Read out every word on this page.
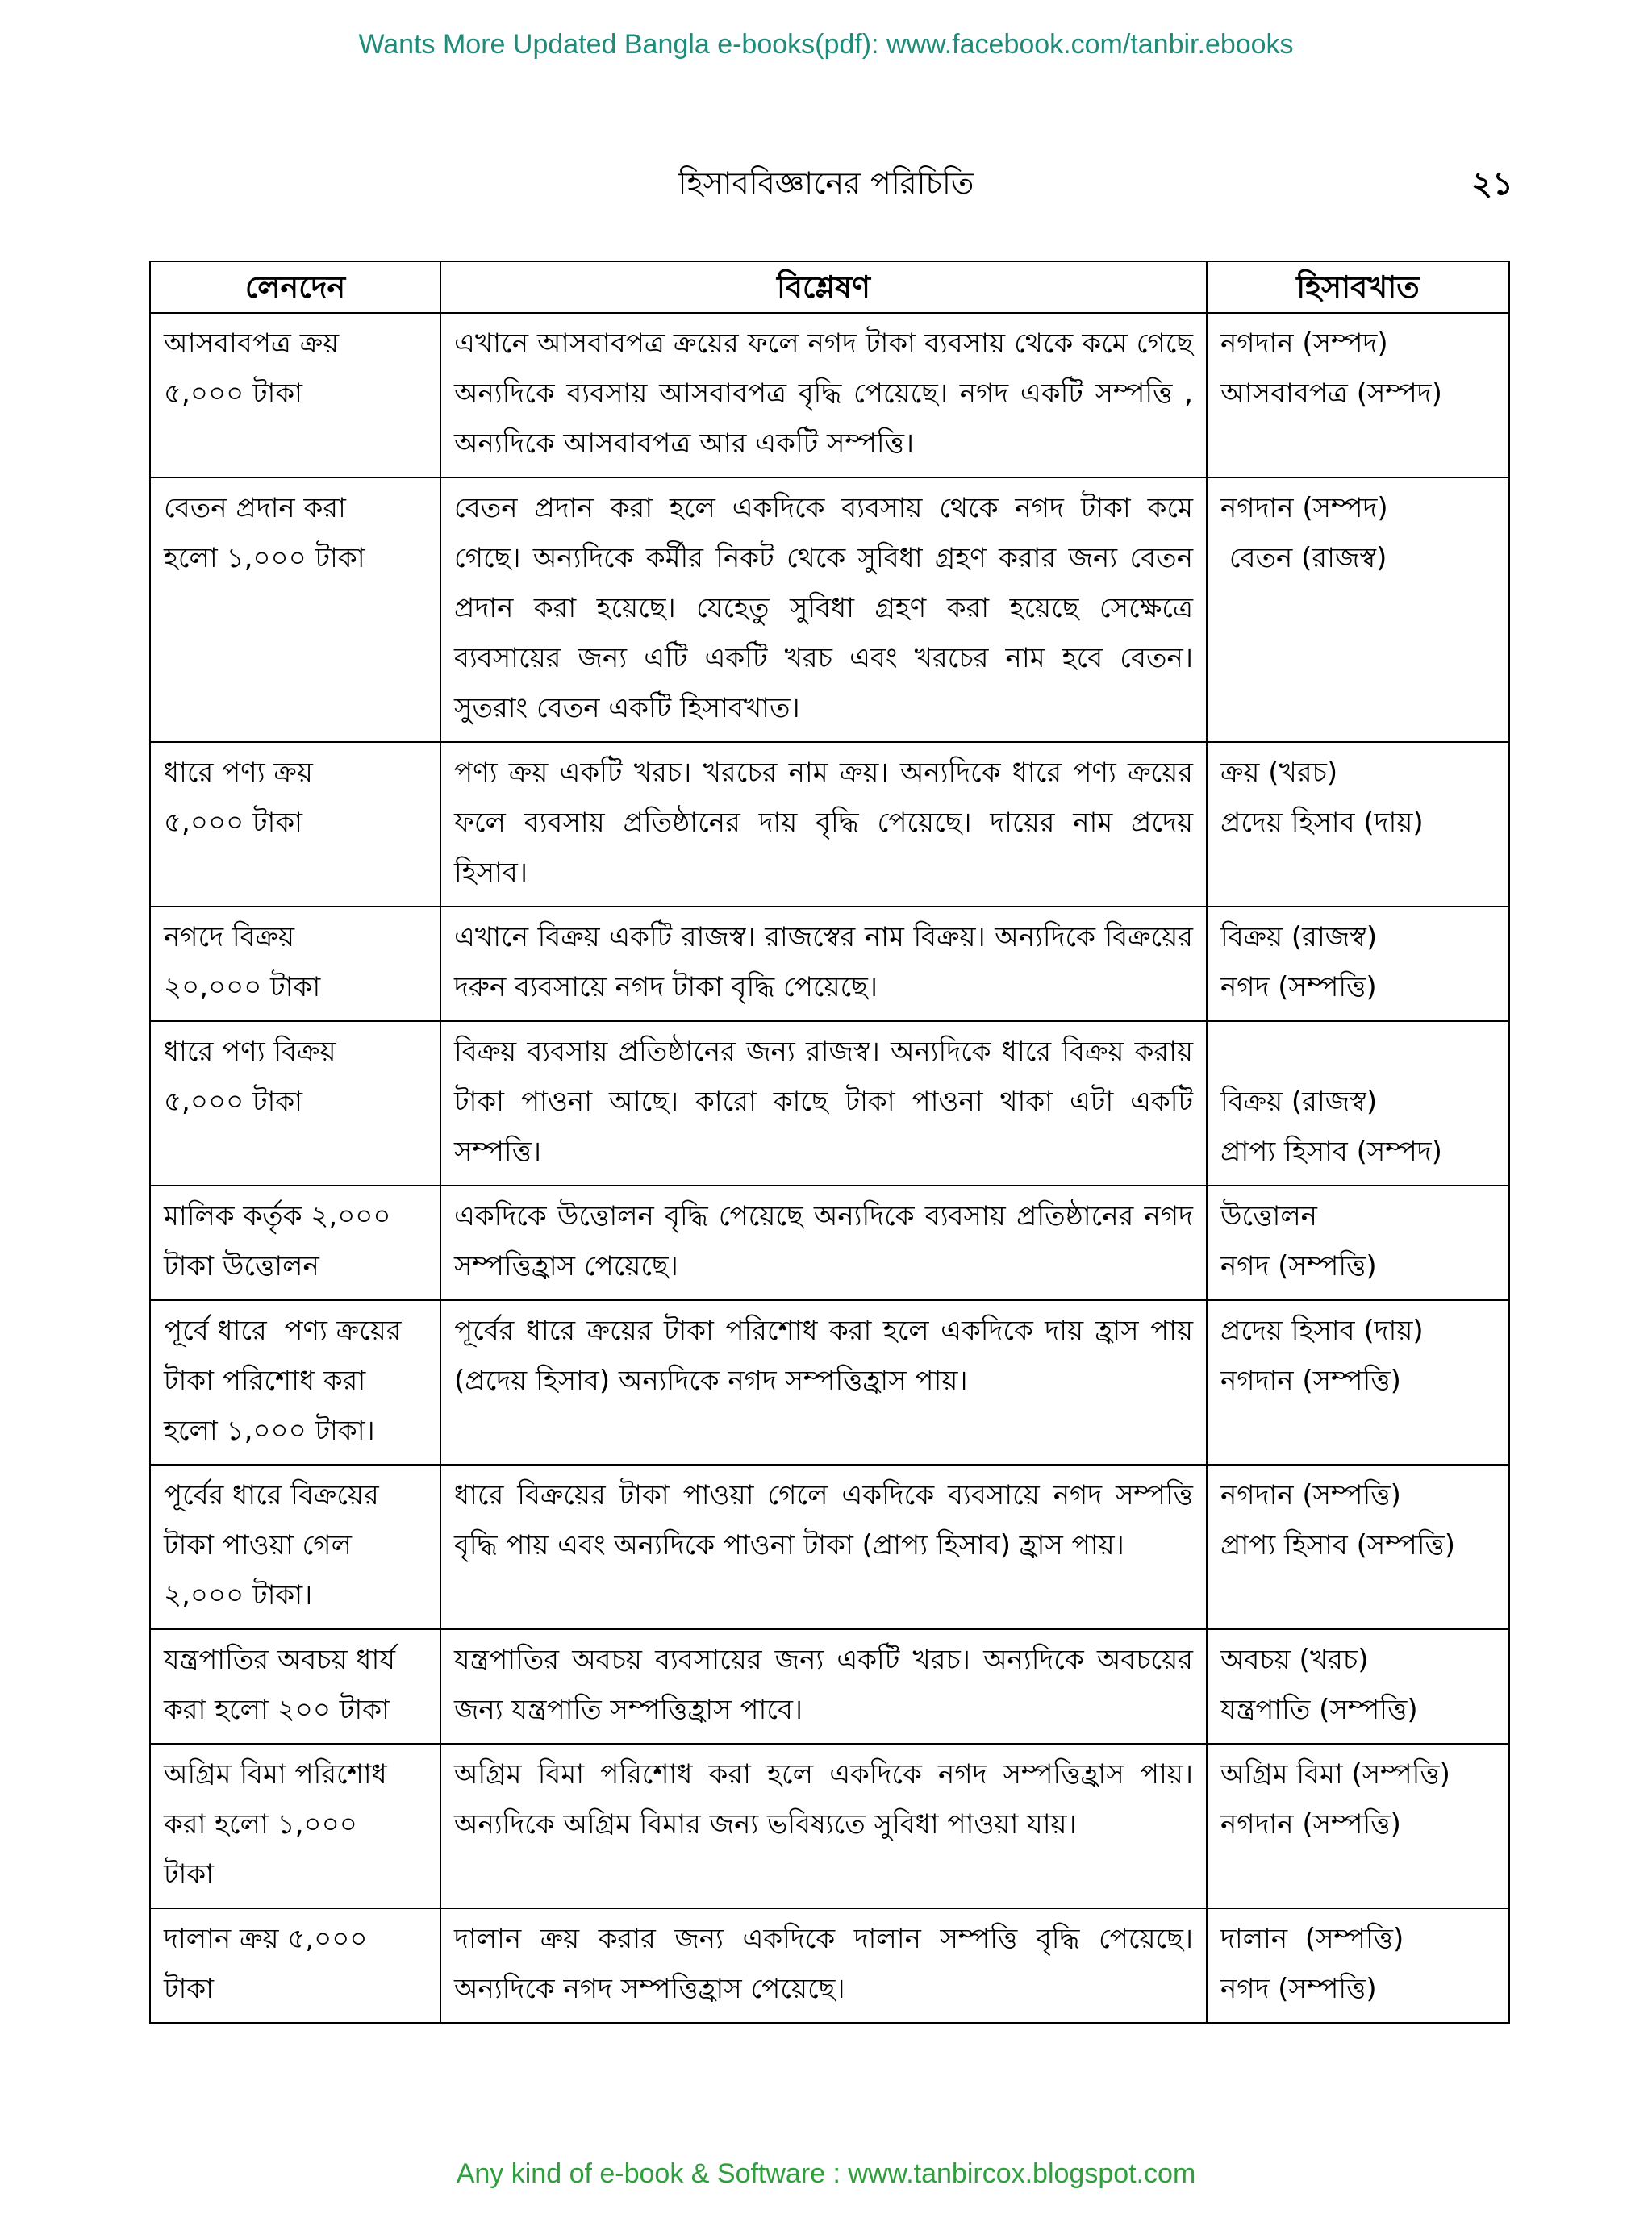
Wants More Updated Bangla e-books(pdf): www.facebook.com/tanbir.ebooks
হিসাববিজ্ঞানের পরিচিতি	২১
লেনদেন	বিশ্লেষণ	হিসাবখাত

আসবাবপত্র ক্রয়
৫,০০০ টাকা	এখানে আসবাবপত্র ক্রয়ের ফলে নগদ টাকা ব্যবসায় থেকে কমে গেছে অন্যদিকে ব্যবসায় আসবাবপত্র বৃদ্ধি পেয়েছে। নগদ একটি সম্পত্তি , অন্যদিকে আসবাবপত্র আর একটি সম্পত্তি।	নগদান (সম্পদ)
আসবাবপত্র (সম্পদ)

বেতন প্রদান করা
হলো ১,০০০ টাকা	বেতন প্রদান করা হলে একদিকে ব্যবসায় থেকে নগদ টাকা কমে গেছে। অন্যদিকে কর্মীর নিকট থেকে সুবিধা গ্রহণ করার জন্য বেতন প্রদান করা হয়েছে। যেহেতু সুবিধা গ্রহণ করা হয়েছে সেক্ষেত্রে ব্যবসায়ের জন্য এটি একটি খরচ এবং খরচের নাম হবে বেতন। সুতরাং বেতন একটি হিসাবখাত।	নগদান (সম্পদ)
বেতন (রাজস্ব)

ধারে পণ্য ক্রয়
৫,০০০ টাকা	পণ্য ক্রয় একটি খরচ। খরচের নাম ক্রয়। অন্যদিকে ধারে পণ্য ক্রয়ের ফলে ব্যবসায় প্রতিষ্ঠানের দায় বৃদ্ধি পেয়েছে। দায়ের নাম প্রদেয় হিসাব।	ক্রয় (খরচ)
প্রদেয় হিসাব (দায়)

নগদে বিক্রয়
২০,০০০ টাকা	এখানে বিক্রয় একটি রাজস্ব। রাজস্বের নাম বিক্রয়। অন্যদিকে বিক্রয়ের দরুন ব্যবসায়ে নগদ টাকা বৃদ্ধি পেয়েছে।	বিক্রয় (রাজস্ব)
নগদ (সম্পত্তি)

ধারে পণ্য বিক্রয়
৫,০০০ টাকা	বিক্রয় ব্যবসায় প্রতিষ্ঠানের জন্য রাজস্ব। অন্যদিকে ধারে বিক্রয় করায় টাকা পাওনা আছে। কারো কাছে টাকা পাওনা থাকা এটা একটি সম্পত্তি।	বিক্রয় (রাজস্ব)
প্রাপ্য হিসাব (সম্পদ)

মালিক কর্তৃক ২,০০০
টাকা উত্তোলন	একদিকে উত্তোলন বৃদ্ধি পেয়েছে অন্যদিকে ব্যবসায় প্রতিষ্ঠানের নগদ সম্পত্তিহ্রাস পেয়েছে।	উত্তোলন
নগদ (সম্পত্তি)

পূর্বে ধারে  পণ্য ক্রয়ের
টাকা পরিশোধ করা
হলো ১,০০০ টাকা।	পূর্বের ধারে ক্রয়ের টাকা পরিশোধ করা হলে একদিকে দায় হ্রাস পায় (প্রদেয় হিসাব) অন্যদিকে নগদ সম্পত্তিহ্রাস পায়।	প্রদেয় হিসাব (দায়)
নগদান (সম্পত্তি)

পূর্বের ধারে বিক্রয়ের
টাকা পাওয়া গেল
২,০০০ টাকা।	ধারে বিক্রয়ের টাকা পাওয়া গেলে একদিকে ব্যবসায়ে নগদ সম্পত্তি বৃদ্ধি পায় এবং অন্যদিকে পাওনা টাকা (প্রাপ্য হিসাব) হ্রাস পায়।	নগদান (সম্পত্তি)
প্রাপ্য হিসাব (সম্পত্তি)

যন্ত্রপাতির অবচয় ধার্য
করা হলো ২০০ টাকা	যন্ত্রপাতির অবচয় ব্যবসায়ের জন্য একটি খরচ। অন্যদিকে অবচয়ের জন্য যন্ত্রপাতি সম্পত্তিহ্রাস পাবে।	অবচয় (খরচ)
যন্ত্রপাতি (সম্পত্তি)

অগ্রিম বিমা পরিশোধ
করা হলো ১,০০০
টাকা	অগ্রিম বিমা পরিশোধ করা হলে একদিকে নগদ সম্পত্তিহ্রাস পায়। অন্যদিকে অগ্রিম বিমার জন্য ভবিষ্যতে সুবিধা পাওয়া যায়।	অগ্রিম বিমা (সম্পত্তি)
নগদান (সম্পত্তি)

দালান ক্রয় ৫,০০০
টাকা	দালান ক্রয় করার জন্য একদিকে দালান সম্পত্তি বৃদ্ধি পেয়েছে। অন্যদিকে নগদ সম্পত্তিহ্রাস পেয়েছে।	দালান  (সম্পত্তি)
নগদ (সম্পত্তি)
Any kind of e-book & Software : www.tanbircox.blogspot.com
